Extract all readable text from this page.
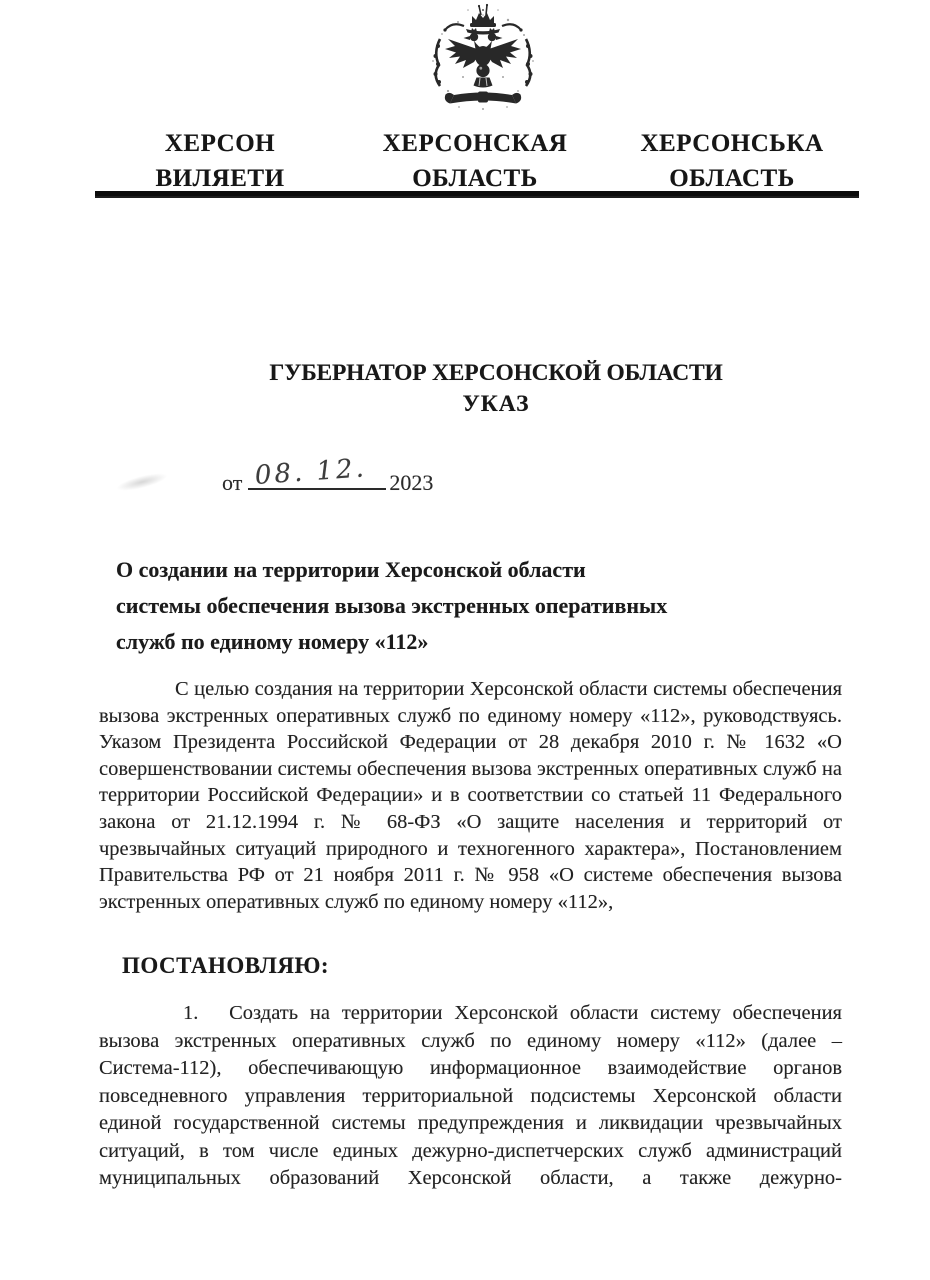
ХЕРСОН
ВИЛЯЕТИ
ХЕРСОНСКАЯ
ОБЛАСТЬ
ХЕРСОНСЬКА
ОБЛАСТЬ
ГУБЕРНАТОР ХЕРСОНСКОЙ ОБЛАСТИ
УКАЗ
от 08. 12. 2023
О создании на территории Херсонской области
системы обеспечения вызова экстренных оперативных
служб по единому номеру «112»
С целью создания на территории Херсонской области системы обеспечения вызова экстренных оперативных служб по единому номеру «112», руководствуясь. Указом Президента Российской Федерации от 28 декабря 2010 г. № 1632 «О совершенствовании системы обеспечения вызова экстренных оперативных служб на территории Российской Федерации» и в соответствии со статьей 11 Федерального закона от 21.12.1994 г. № 68-ФЗ «О защите населения и территорий от чрезвычайных ситуаций природного и техногенного характера», Постановлением Правительства РФ от 21 ноября 2011 г. № 958 «О системе обеспечения вызова экстренных оперативных служб по единому номеру «112»,
ПОСТАНОВЛЯЮ:
1.  Создать на территории Херсонской области систему обеспечения вызова экстренных оперативных служб по единому номеру «112» (далее – Система-112), обеспечивающую информационное взаимодействие органов повседневного управления территориальной подсистемы Херсонской области единой государственной системы предупреждения и ликвидации чрезвычайных ситуаций, в том числе единых дежурно-диспетчерских служб администраций муниципальных образований Херсонской области, а также дежурно-
